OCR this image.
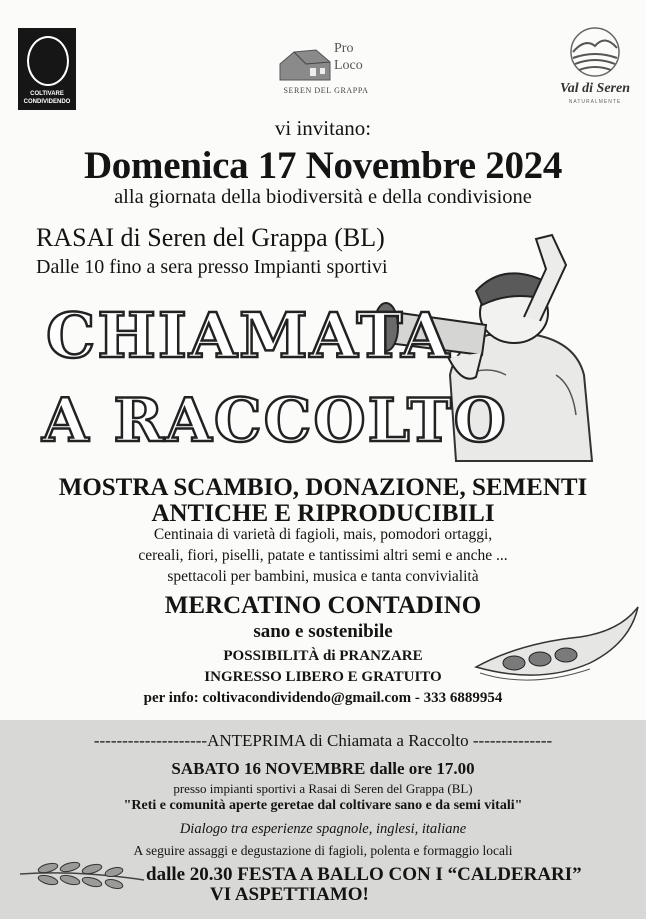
COLTIVARE CONDIVIDENDO
Pro
Loco
SEREN DEL GRAPPA	Val di Seren
NATURALMENTE
vi invitano:
Domenica 17 Novembre 2024
alla giornata della biodiversità e della condivisione
RASAI di Seren del Grappa (BL)
Dalle 10 fino a sera presso Impianti sportivi
CHIAMATA
A RACCOLTO
MOSTRA SCAMBIO, DONAZIONE, SEMENTI
ANTICHE E RIPRODUCIBILI
Centinaia di varietà di fagioli, mais, pomodori ortaggi,
cereali, fiori, piselli, patate e tantissimi altri semi e anche ...
spettacoli per bambini, musica e tanta convivialità
MERCATINO CONTADINO
sano e sostenibile
POSSIBILITÀ di PRANZARE
INGRESSO LIBERO E GRATUITO
per info: coltivacondividendo@gmail.com - 333 6889954
--------------------ANTEPRIMA di Chiamata a Raccolto --------------
SABATO 16 NOVEMBRE dalle ore 17.00
presso impianti sportivi a Rasai di Seren del Grappa (BL)
"Reti e comunità aperte geretae dal coltivare sano e da semi vitali"
Dialogo tra esperienze spagnole, inglesi, italiane
A seguire assaggi e degustazione di fagioli, polenta e formaggio locali
dalle 20.30 FESTA A BALLO CON I “CALDERARI”
VI ASPETTIAMO!
